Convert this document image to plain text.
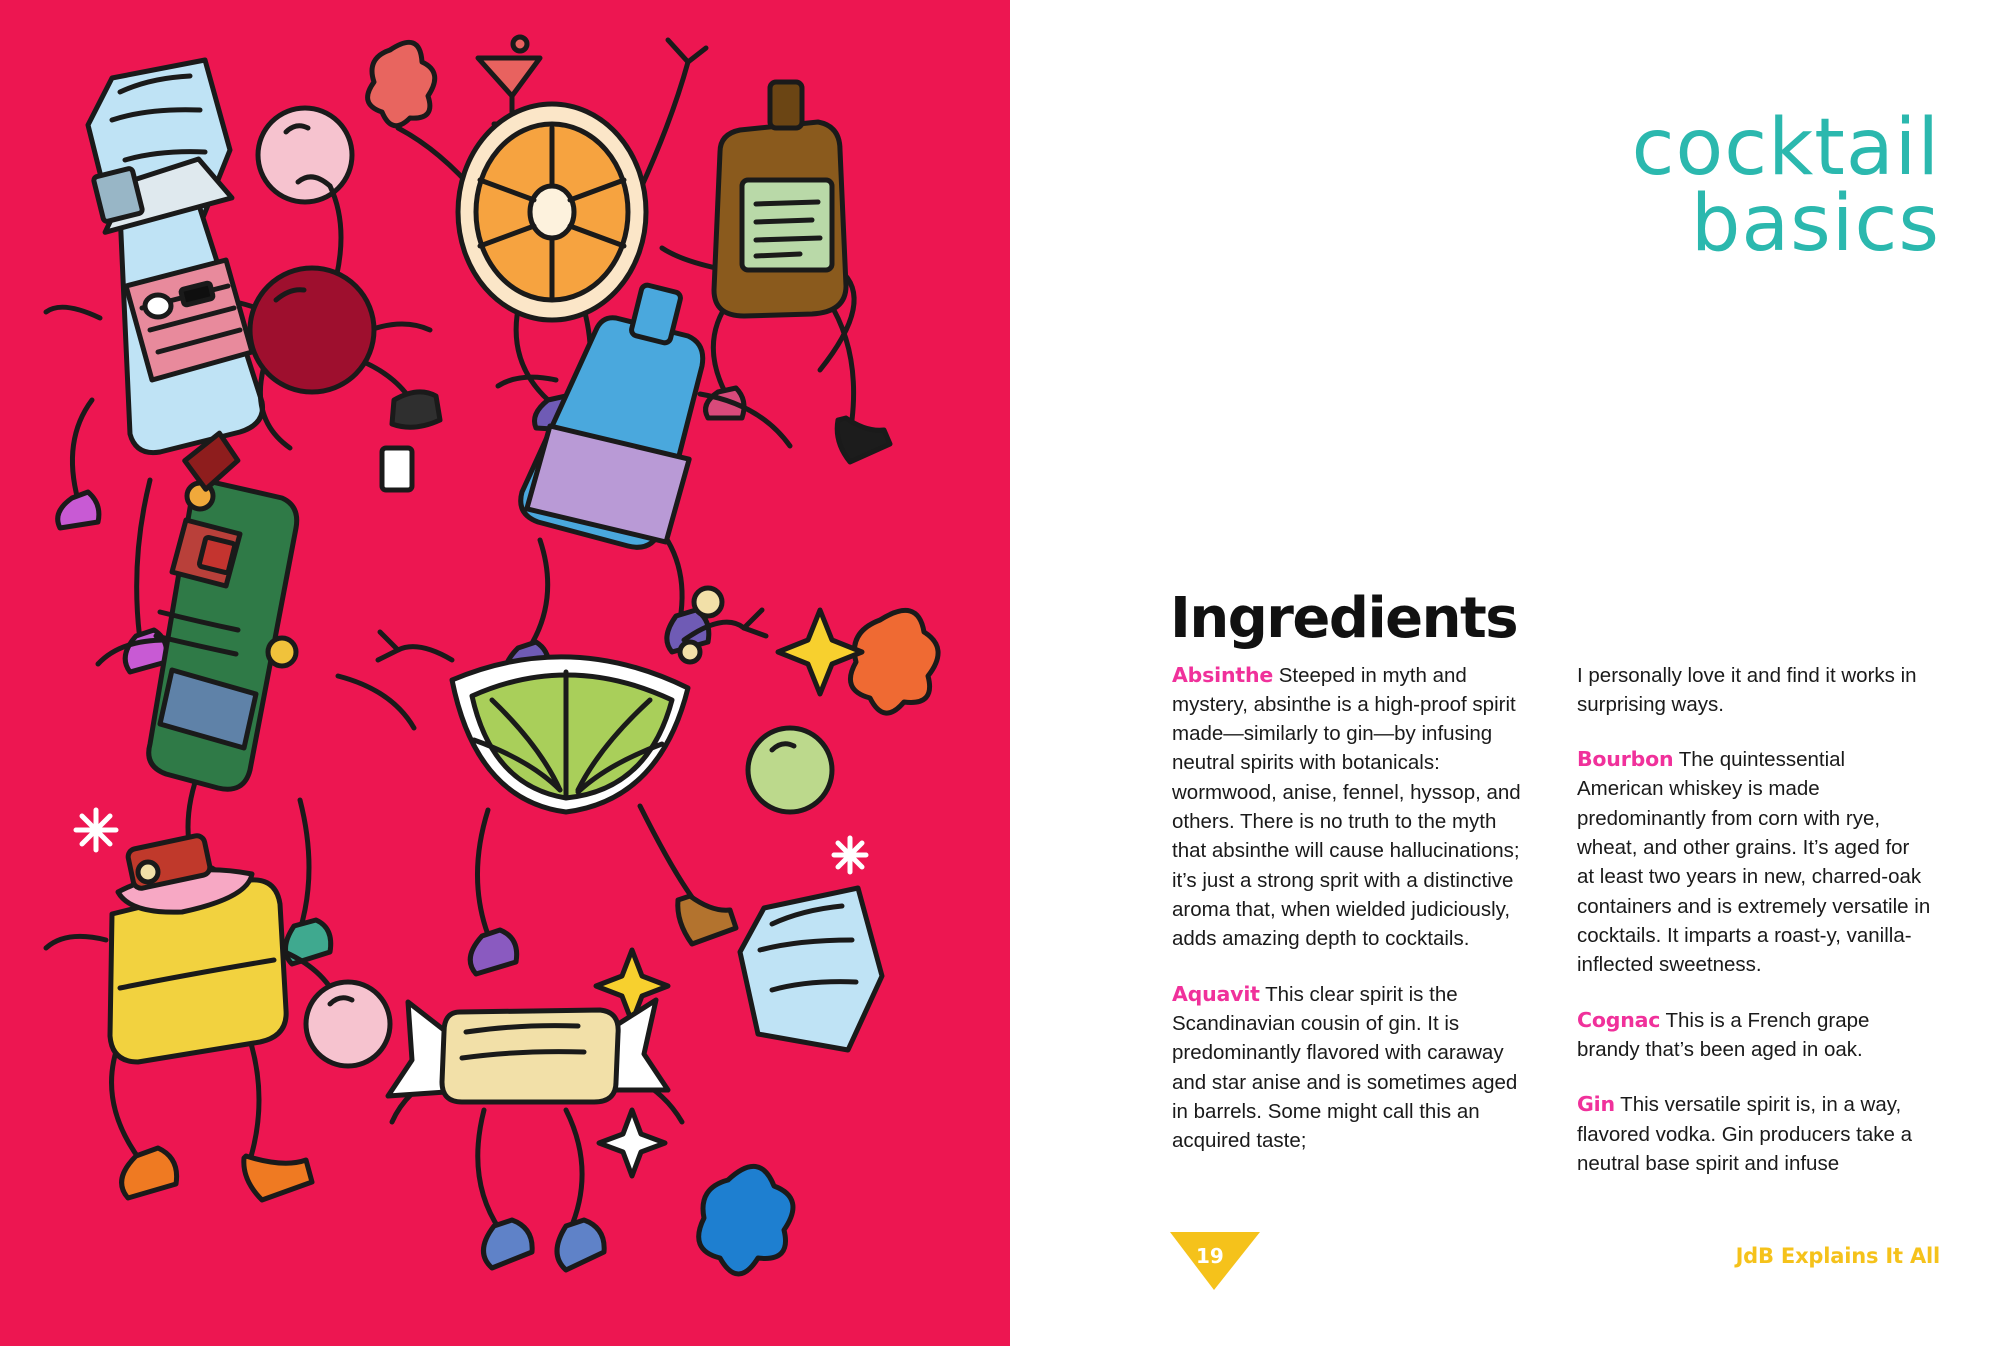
cocktail
basics
Ingredients

Absinthe Steeped in myth and mystery, absinthe is a high-proof spirit made—similarly to gin—by infusing neutral spirits with botanicals: wormwood, anise, fennel, hyssop, and others. There is no truth to the myth that absinthe will cause hallucinations; it’s just a strong sprit with a distinctive aroma that, when wielded judiciously, adds amazing depth to cocktails.

Aquavit This clear spirit is the Scandinavian cousin of gin. It is predominantly flavored with caraway and star anise and is sometimes aged in barrels. Some might call this an acquired taste;

I personally love it and find it works in surprising ways.

Bourbon The quintessential American whiskey is made predominantly from corn with rye, wheat, and other grains. It’s aged for at least two years in new, charred-oak containers and is extremely versatile in cocktails. It imparts a roast-y, vanilla-inflected sweetness.

Cognac This is a French grape brandy that’s been aged in oak.

Gin This versatile spirit is, in a way, flavored vodka. Gin producers take a neutral base spirit and infuse

19	JdB Explains It All
